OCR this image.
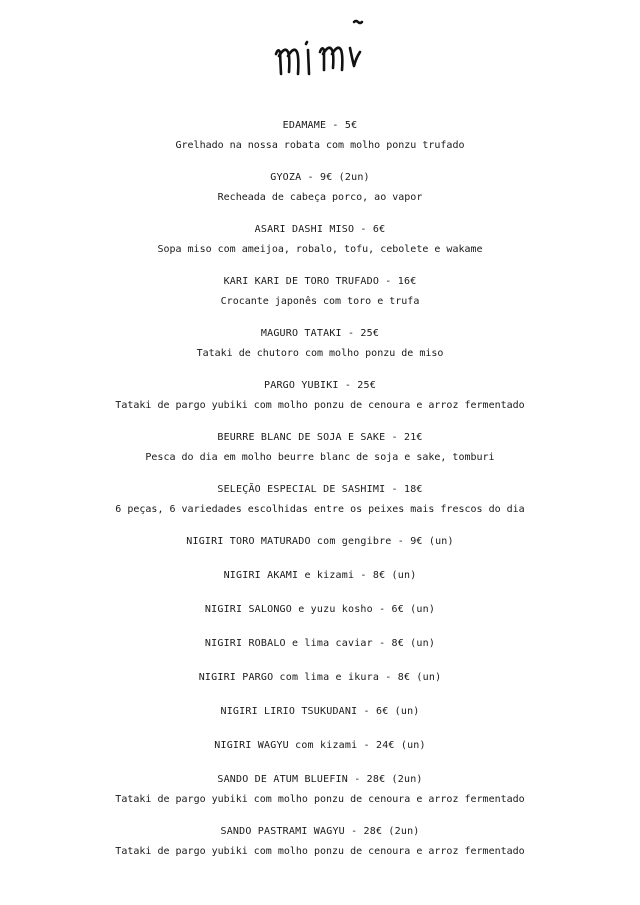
EDAMAME - 5€
Grelhado na nossa robata com molho ponzu trufado
GYOZA - 9€ (2un)
Recheada de cabeça porco, ao vapor
ASARI DASHI MISO - 6€
Sopa miso com ameijoa, robalo, tofu, cebolete e wakame
KARI KARI DE TORO TRUFADO - 16€
Crocante japonês com toro e trufa
MAGURO TATAKI - 25€
Tataki de chutoro com molho ponzu de miso
PARGO YUBIKI - 25€
Tataki de pargo yubiki com molho ponzu de cenoura e arroz fermentado
BEURRE BLANC DE SOJA E SAKE - 21€
Pesca do dia em molho beurre blanc de soja e sake, tomburi
SELEÇÃO ESPECIAL DE SASHIMI - 18€
6 peças, 6 variedades escolhidas entre os peixes mais frescos do dia
NIGIRI TORO MATURADO com gengibre - 9€ (un)
NIGIRI AKAMI e kizami - 8€ (un)
NIGIRI SALONGO e yuzu kosho - 6€ (un)
NIGIRI ROBALO e lima caviar - 8€ (un)
NIGIRI PARGO com lima e ikura - 8€ (un)
NIGIRI LIRIO TSUKUDANI - 6€ (un)
NIGIRI WAGYU com kizami - 24€ (un)
SANDO DE ATUM BLUEFIN - 28€ (2un)
Tataki de pargo yubiki com molho ponzu de cenoura e arroz fermentado
SANDO PASTRAMI WAGYU - 28€ (2un)
Tataki de pargo yubiki com molho ponzu de cenoura e arroz fermentado
